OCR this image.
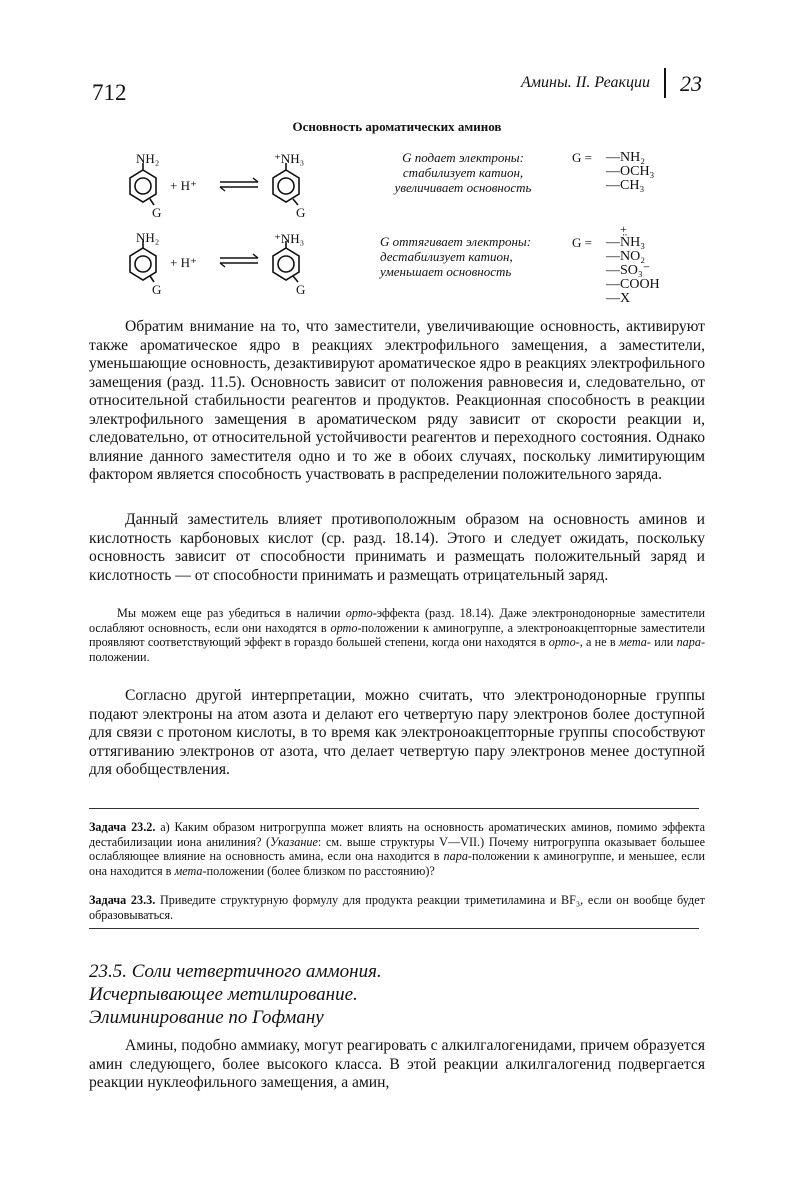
712	Амины. II. Реакции 23
Основность ароматических аминов
NH₂
G
+ H⁺
⁺NH₃
G
G подает электроны: стабилизует катион, увеличивает основность
G = —NH₂
—OCH₃
—CH₃
NH₂
G
+ H⁺
⁺NH₃
G
G оттягивает электроны: дестабилизует катион, уменьшает основность
+
G = —N̈H₃
—NO₂
—SO₃⁻
—COOH
—X

Обратим внимание на то, что заместители, увеличивающие основность, активируют также ароматическое ядро в реакциях электрофильного замещения, а заместители, уменьшающие основность, дезактивируют ароматическое ядро в реакциях электрофильного замещения (разд. 11.5). Основность зависит от положения равновесия и, следовательно, от относительной стабильности реагентов и продуктов. Реакционная способность в реакции электрофильного замещения в ароматическом ряду зависит от скорости реакции и, следовательно, от относительной устойчивости реагентов и переходного состояния. Однако влияние данного заместителя одно и то же в обоих случаях, поскольку лимитирующим фактором является способность участвовать в распределении положительного заряда.

Данный заместитель влияет противоположным образом на основность аминов и кислотность карбоновых кислот (ср. разд. 18.14). Этого и следует ожидать, поскольку основность зависит от способности принимать и размещать положительный заряд и кислотность — от способности принимать и размещать отрицательный заряд.

Мы можем еще раз убедиться в наличии орто-эффекта (разд. 18.14). Даже электронодонорные заместители ослабляют основность, если они находятся в орто-положении к аминогруппе, а электроноакцепторные заместители проявляют соответствующий эффект в гораздо большей степени, когда они находятся в орто-, а не в мета- или пара-положении.

Согласно другой интерпретации, можно считать, что электронодонорные группы подают электроны на атом азота и делают его четвертую пару электронов более доступной для связи с протоном кислоты, в то время как электроноакцепторные группы способствуют оттягиванию электронов от азота, что делает четвертую пару электронов менее доступной для обобществления.

Задача 23.2. а) Каким образом нитрогруппа может влиять на основность ароматических аминов, помимо эффекта дестабилизации иона анилиния? (Указание: см. выше структуры V—VII.) Почему нитрогруппа оказывает большее ослабляющее влияние на основность амина, если она находится в пара-положении к аминогруппе, и меньшее, если она находится в мета-положении (более близком по расстоянию)?

Задача 23.3. Приведите структурную формулу для продукта реакции триметиламина и BF₃, если он вообще будет образовываться.

23.5. Соли четвертичного аммония.
Исчерпывающее метилирование.
Элиминирование по Гофману

Амины, подобно аммиаку, могут реагировать с алкилгалогенидами, причем образуется амин следующего, более высокого класса. В этой реакции алкилгалогенид подвергается реакции нуклеофильного замещения, а амин,
